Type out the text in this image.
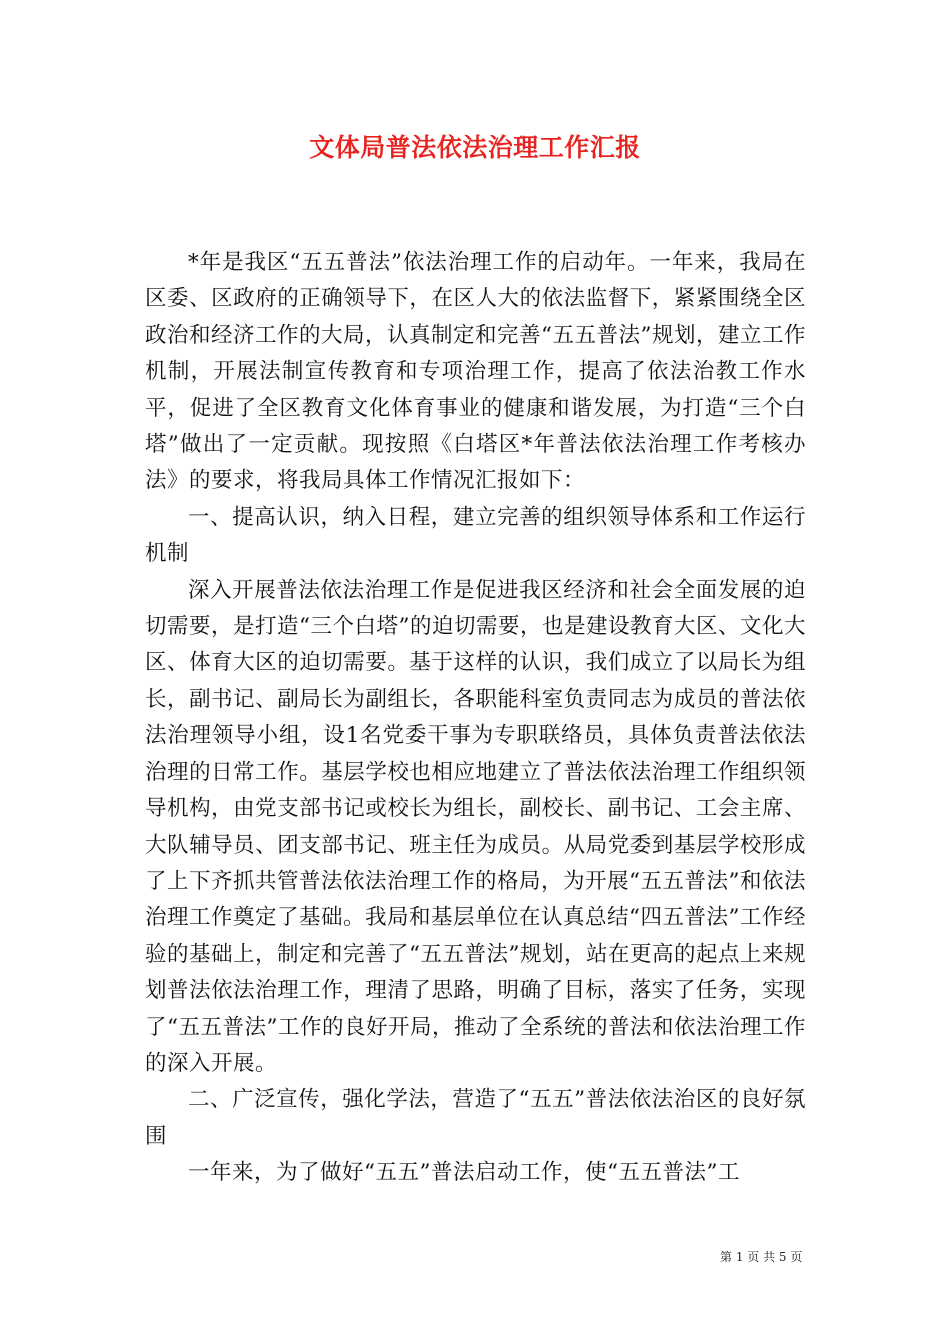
文体局普法依法治理工作汇报

*年是我区“五五普法”依法治理工作的启动年。一年来，我局在区委、区政府的正确领导下，在区人大的依法监督下，紧紧围绕全区政治和经济工作的大局，认真制定和完善“五五普法”规划，建立工作机制，开展法制宣传教育和专项治理工作，提高了依法治教工作水平，促进了全区教育文化体育事业的健康和谐发展，为打造“三个白塔”做出了一定贡献。现按照《白塔区*年普法依法治理工作考核办法》的要求，将我局具体工作情况汇报如下：

一、提高认识，纳入日程，建立完善的组织领导体系和工作运行机制

深入开展普法依法治理工作是促进我区经济和社会全面发展的迫切需要，是打造“三个白塔”的迫切需要，也是建设教育大区、文化大区、体育大区的迫切需要。基于这样的认识，我们成立了以局长为组长，副书记、副局长为副组长，各职能科室负责同志为成员的普法依法治理领导小组，设1名党委干事为专职联络员，具体负责普法依法治理的日常工作。基层学校也相应地建立了普法依法治理工作组织领导机构，由党支部书记或校长为组长，副校长、副书记、工会主席、大队辅导员、团支部书记、班主任为成员。从局党委到基层学校形成了上下齐抓共管普法依法治理工作的格局，为开展“五五普法”和依法治理工作奠定了基础。我局和基层单位在认真总结“四五普法”工作经验的基础上，制定和完善了“五五普法”规划，站在更高的起点上来规划普法依法治理工作，理清了思路，明确了目标，落实了任务，实现了“五五普法”工作的良好开局，推动了全系统的普法和依法治理工作的深入开展。

二、广泛宣传，强化学法，营造了“五五”普法依法治区的良好氛围

一年来，为了做好“五五”普法启动工作，使“五五普法”工

第 1 页 共 5 页
